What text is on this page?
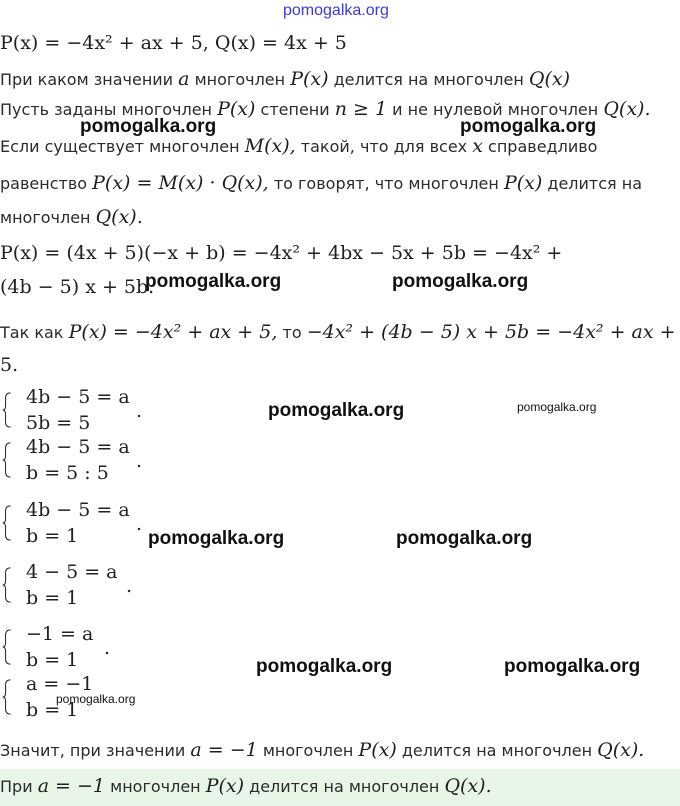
pomogalka.org
pomogalka.org	pomogalka.org
pomogalka.org	pomogalka.org
pomogalka.org	pomogalka.org
pomogalka.org	pomogalka.org
pomogalka.org	pomogalka.org
P(x) = −4x² + ax + 5, Q(x) = 4x + 5
При каком значении a многочлен P(x) делится на многочлен Q(x)
Пусть заданы многочлен P(x) степени n ≥ 1 и не нулевой многочлен Q(x).
Если существует многочлен M(x), такой, что для всех x справедливо
равенство P(x) = M(x) · Q(x), то говорят, что многочлен P(x) делится на
многочлен Q(x).
P(x) = (4x + 5)(−x + b) = −4x² + 4bx − 5x + 5b = −4x² +
(4b − 5) x + 5b.
Так как P(x) = −4x² + ax + 5, то −4x² + (4b − 5) x + 5b = −4x² + ax +
5.
4b − 5 = a
5b = 5
.
4b − 5 = a
b = 5 : 5
.
4b − 5 = a
b = 1
.
4 − 5 = a
b = 1
.
−1 = a
b = 1
.
a = −1
b = 1
pomogalka.org
Значит, при значении a = −1 многочлен P(x) делится на многочлен Q(x).
При a = −1 многочлен P(x) делится на многочлен Q(x).
